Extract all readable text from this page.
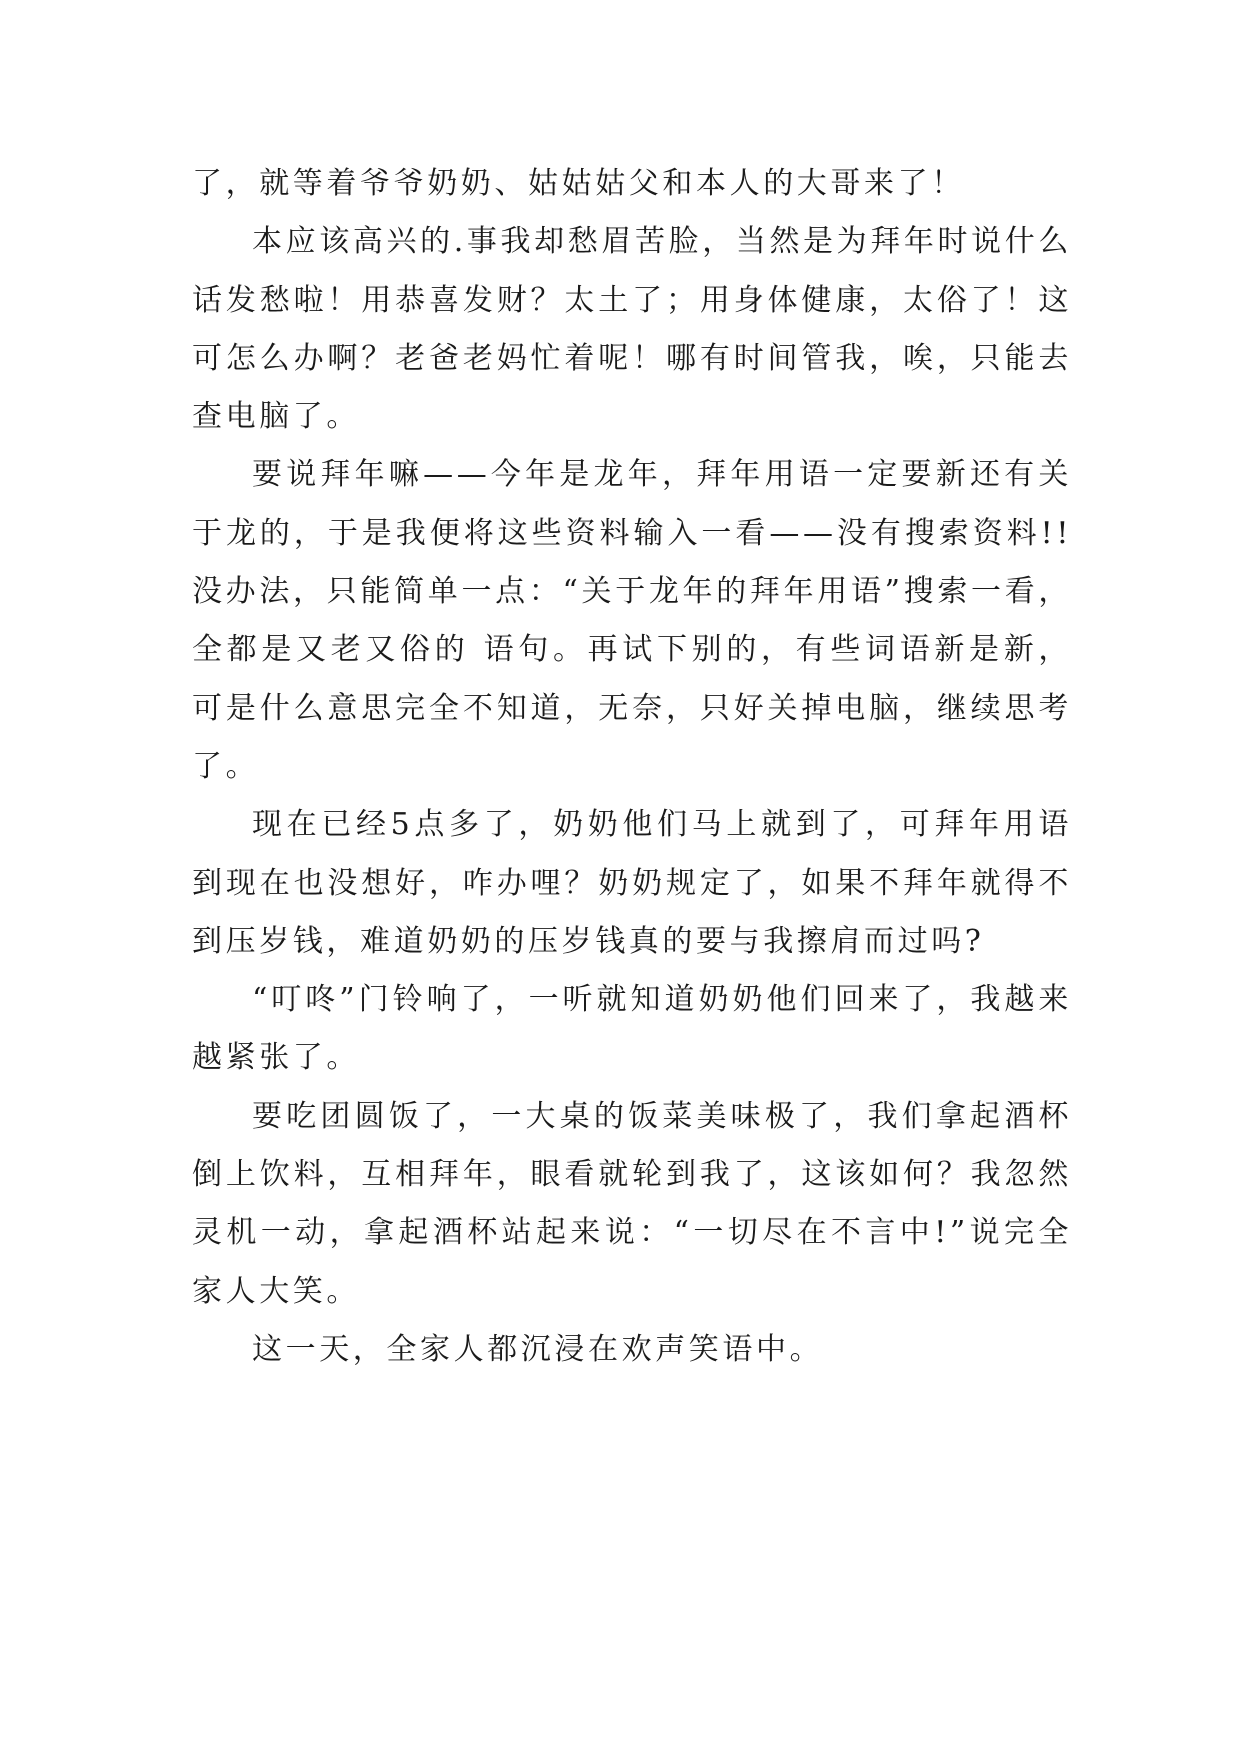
了，就等着爷爷奶奶、姑姑姑父和本人的大哥来了！

本应该高兴的.事我却愁眉苦脸，当然是为拜年时说什么话发愁啦！用恭喜发财？太土了；用身体健康，太俗了！这可怎么办啊？老爸老妈忙着呢！哪有时间管我，唉，只能去查电脑了。

要说拜年嘛——今年是龙年，拜年用语一定要新还有关于龙的，于是我便将这些资料输入一看——没有搜索资料!!没办法，只能简单一点：“关于龙年的拜年用语”搜索一看，全都是又老又俗的 语句。再试下别的，有些词语新是新，可是什么意思完全不知道，无奈，只好关掉电脑，继续思考了。

现在已经5点多了，奶奶他们马上就到了，可拜年用语到现在也没想好，咋办哩？奶奶规定了，如果不拜年就得不到压岁钱，难道奶奶的压岁钱真的要与我擦肩而过吗?

“叮咚”门铃响了，一听就知道奶奶他们回来了，我越来越紧张了。

要吃团圆饭了，一大桌的饭菜美味极了，我们拿起酒杯倒上饮料，互相拜年，眼看就轮到我了，这该如何？我忽然灵机一动，拿起酒杯站起来说：“一切尽在不言中!”说完全家人大笑。

这一天，全家人都沉浸在欢声笑语中。
